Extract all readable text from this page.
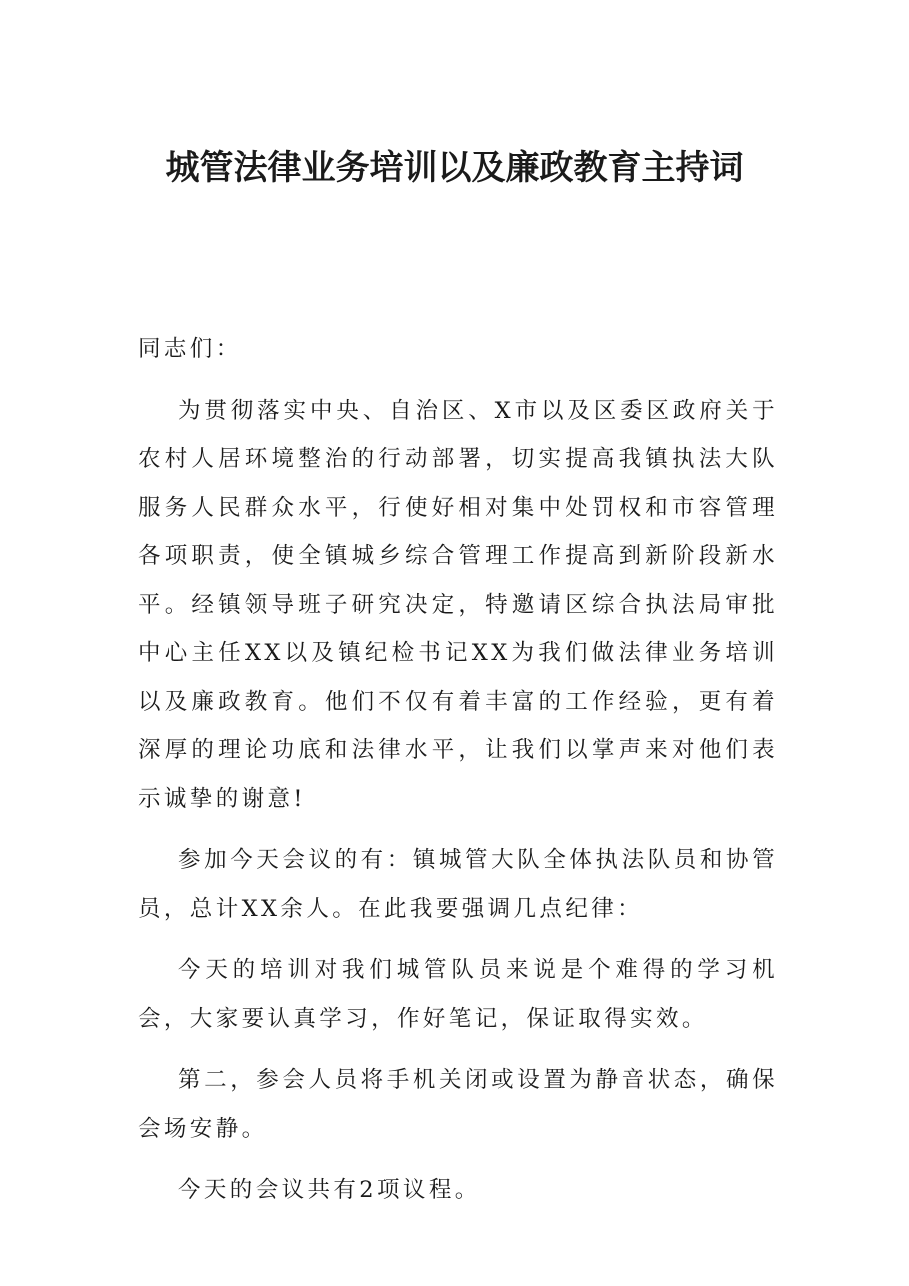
城管法律业务培训以及廉政教育主持词

同志们：

为贯彻落实中央、自治区、X市以及区委区政府关于农村人居环境整治的行动部署，切实提高我镇执法大队服务人民群众水平，行使好相对集中处罚权和市容管理各项职责，使全镇城乡综合管理工作提高到新阶段新水平。经镇领导班子研究决定，特邀请区综合执法局审批中心主任XX以及镇纪检书记XX为我们做法律业务培训以及廉政教育。他们不仅有着丰富的工作经验，更有着深厚的理论功底和法律水平，让我们以掌声来对他们表示诚挚的谢意!

参加今天会议的有：镇城管大队全体执法队员和协管员，总计XX余人。在此我要强调几点纪律：

今天的培训对我们城管队员来说是个难得的学习机会，大家要认真学习，作好笔记，保证取得实效。

第二，参会人员将手机关闭或设置为静音状态，确保会场安静。

今天的会议共有2项议程。
